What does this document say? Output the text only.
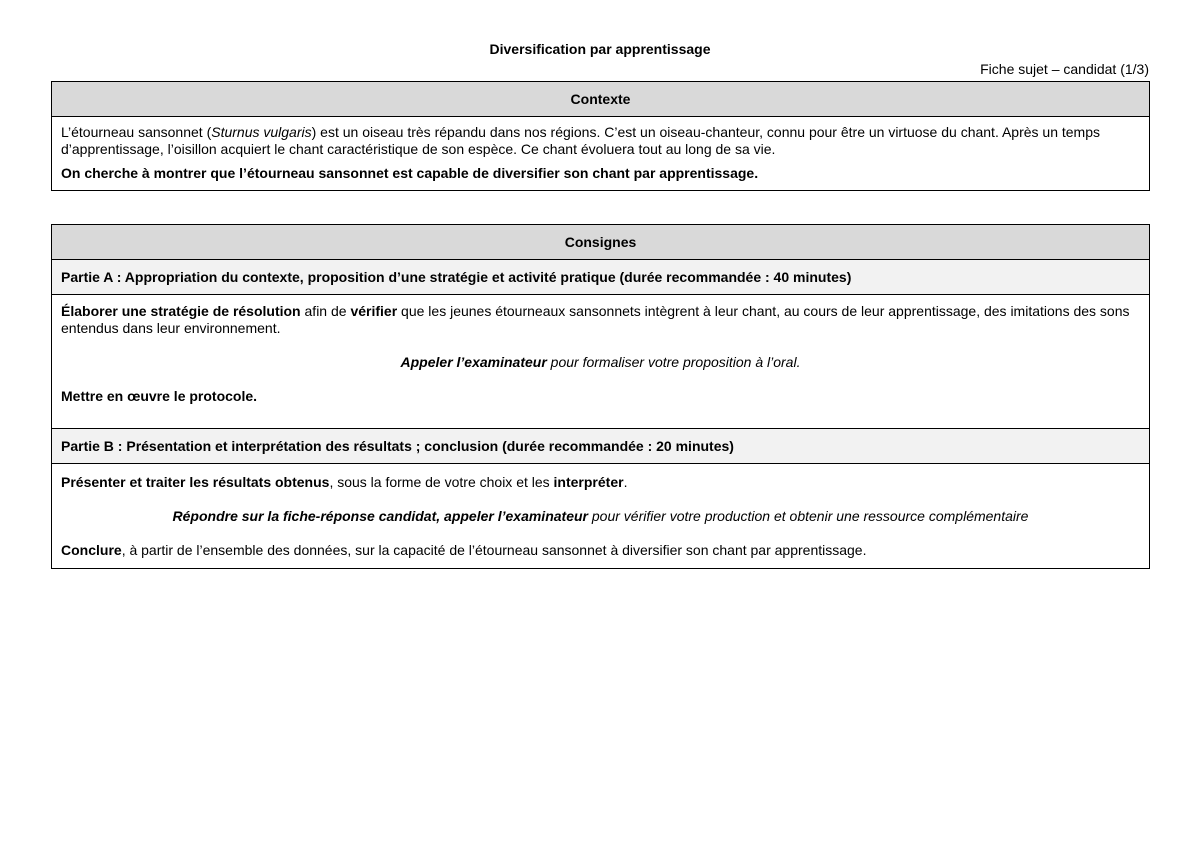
Diversification par apprentissage
Fiche sujet – candidat (1/3)
Contexte

L’étourneau sansonnet (Sturnus vulgaris) est un oiseau très répandu dans nos régions. C’est un oiseau-chanteur, connu pour être un virtuose du chant. Après un temps d’apprentissage, l’oisillon acquiert le chant caractéristique de son espèce. Ce chant évoluera tout au long de sa vie.

On cherche à montrer que l’étourneau sansonnet est capable de diversifier son chant par apprentissage.

Consignes
Partie A : Appropriation du contexte, proposition d’une stratégie et activité pratique (durée recommandée : 40 minutes)

Élaborer une stratégie de résolution afin de vérifier que les jeunes étourneaux sansonnets intègrent à leur chant, au cours de leur apprentissage, des imitations des sons entendus dans leur environnement.

Appeler l’examinateur pour formaliser votre proposition à l’oral.

Mettre en œuvre le protocole.

Partie B : Présentation et interprétation des résultats ; conclusion (durée recommandée : 20 minutes)

Présenter et traiter les résultats obtenus, sous la forme de votre choix et les interpréter.

Répondre sur la fiche-réponse candidat, appeler l’examinateur pour vérifier votre production et obtenir une ressource complémentaire

Conclure, à partir de l’ensemble des données, sur la capacité de l’étourneau sansonnet à diversifier son chant par apprentissage.
